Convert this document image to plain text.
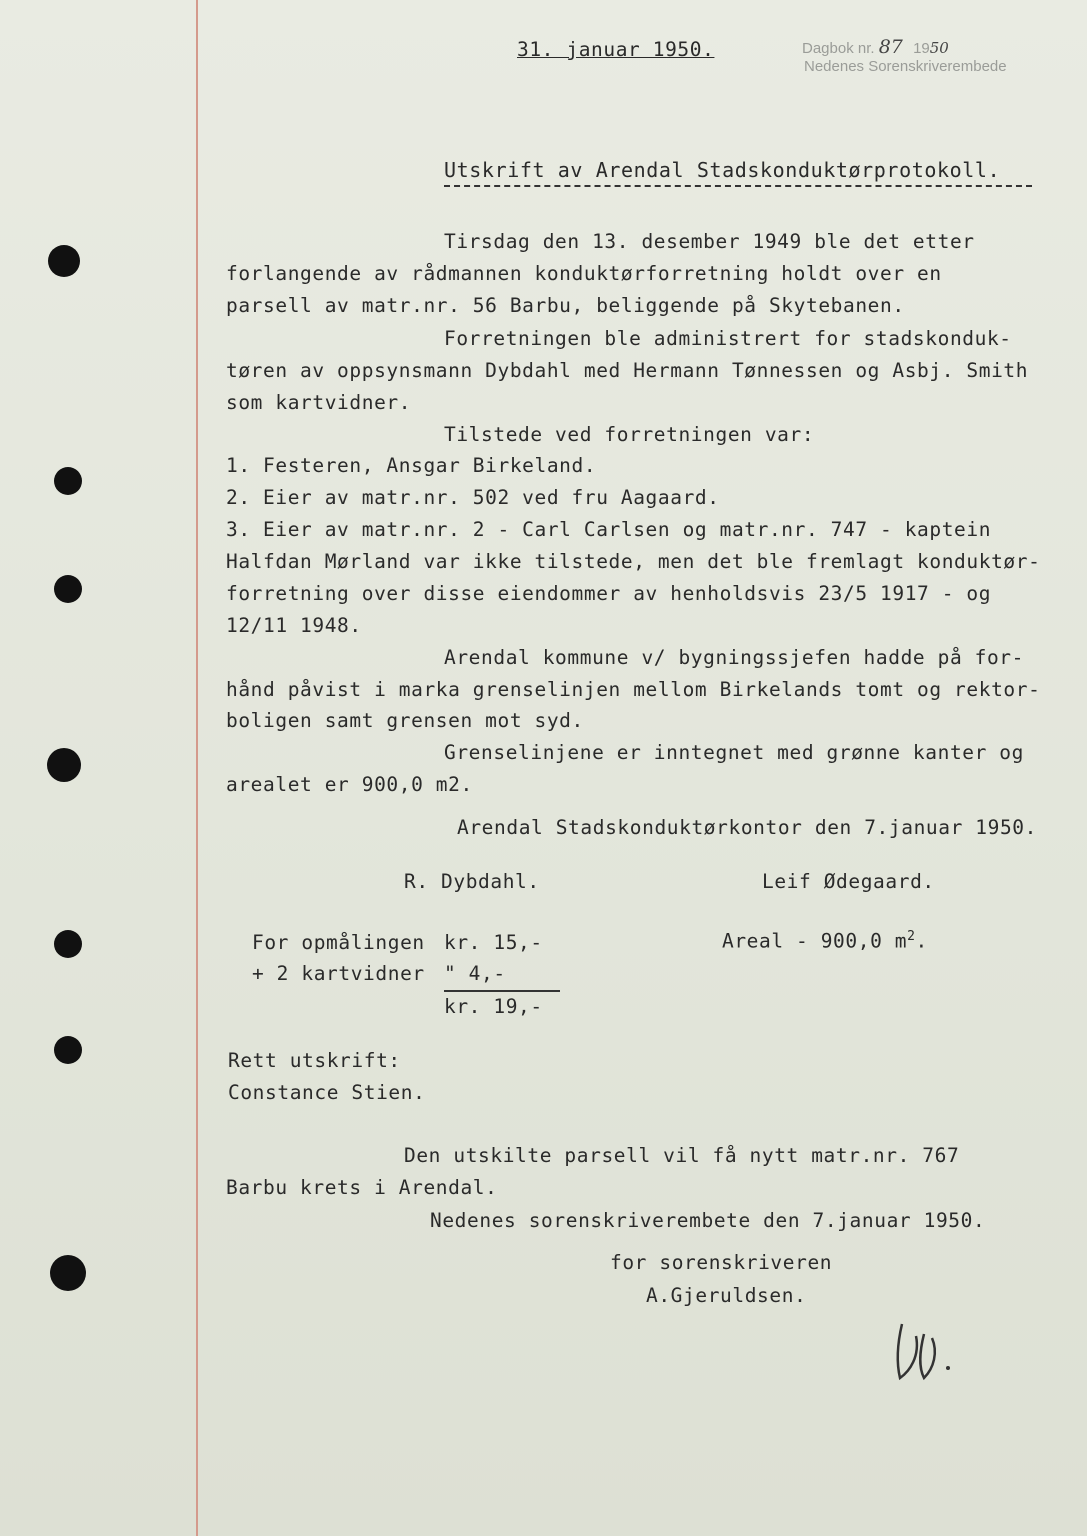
31. januar 1950.	Dagbok nr. 87 1950
Nedenes Sorenskriverembede
Utskrift av Arendal Stadskonduktørprotokoll.
Tirsdag den 13. desember 1949 ble det etter
forlangende av rådmannen konduktørforretning holdt over en
parsell av matr.nr. 56 Barbu, beliggende på Skytebanen.
Forretningen ble administrert for stadskonduk-
tøren av oppsynsmann Dybdahl med Hermann Tønnessen og Asbj. Smith
som kartvidner.
Tilstede ved forretningen var:
1. Festeren, Ansgar Birkeland.
2. Eier av matr.nr. 502 ved fru Aagaard.
3. Eier av matr.nr. 2 - Carl Carlsen og matr.nr. 747 - kaptein
Halfdan Mørland var ikke tilstede, men det ble fremlagt konduktør-
forretning over disse eiendommer av henholdsvis 23/5 1917 - og
12/11 1948.
Arendal kommune v/ bygningssjefen hadde på for-
hånd påvist i marka grenselinjen mellom Birkelands tomt og rektor-
boligen samt grensen mot syd.
Grenselinjene er inntegnet med grønne kanter og
arealet er 900,0 m2.
Arendal Stadskonduktørkontor den 7.januar 1950.
R. Dybdahl.	Leif Ødegaard.
For opmålingen kr. 15,-
+ 2 kartvidner " 4,-
kr. 19,-
Areal - 900,0 $m^2$.
Rett utskrift:
Constance Stien.
Den utskilte parsell vil få nytt matr.nr. 767
Barbu krets i Arendal.
Nedenes sorenskriverembete den 7.januar 1950.
for sorenskriveren
A.Gjeruldsen.
